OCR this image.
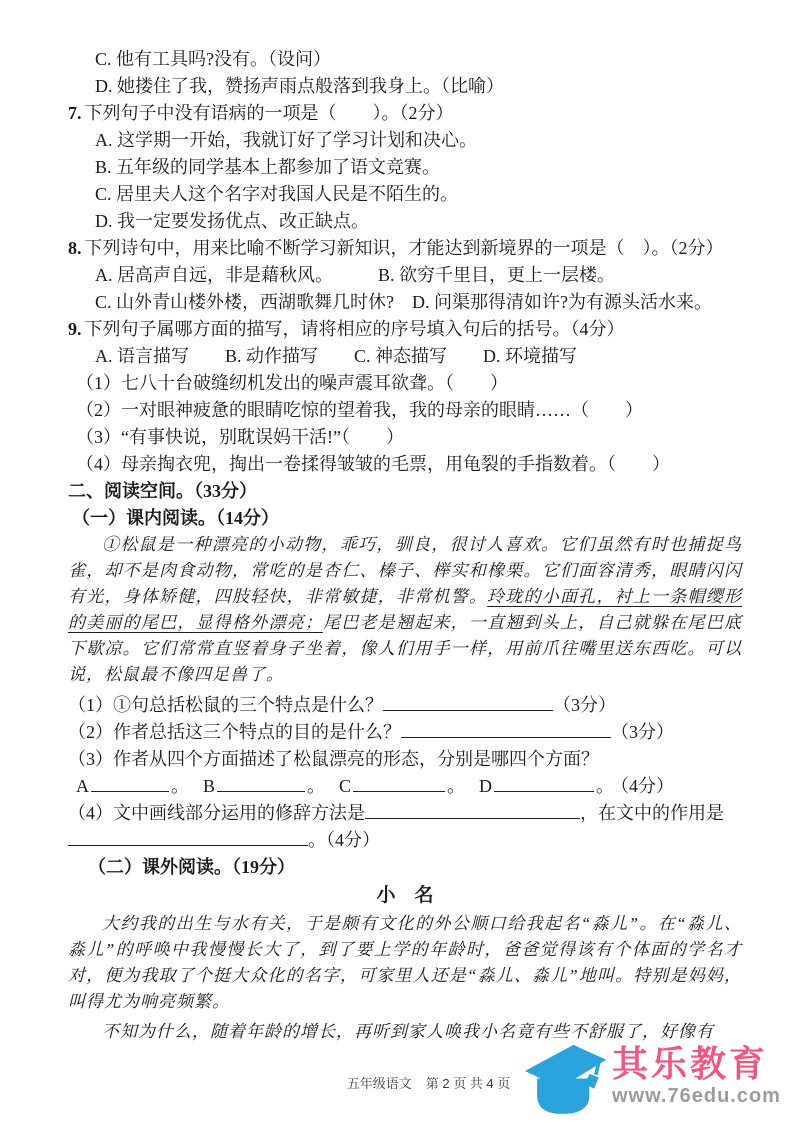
C. 他有工具吗?没有。（设问）
D. 她搂住了我，赞扬声雨点般落到我身上。（比喻）
7. 下列句子中没有语病的一项是（　　）。（2分）
A. 这学期一开始，我就订好了学习计划和决心。
B. 五年级的同学基本上都参加了语文竞赛。
C. 居里夫人这个名字对我国人民是不陌生的。
D. 我一定要发扬优点、改正缺点。
8. 下列诗句中，用来比喻不断学习新知识，才能达到新境界的一项是（　）。（2分）
A. 居高声自远，非是藉秋风。　　　B. 欲穷千里目，更上一层楼。
C. 山外青山楼外楼，西湖歌舞几时休?　D. 问渠那得清如许?为有源头活水来。
9. 下列句子属哪方面的描写，请将相应的序号填入句后的括号。（4分）
A. 语言描写　　B. 动作描写　　C. 神态描写　　D. 环境描写
（1）七八十台破缝纫机发出的噪声震耳欲聋。（　　）
（2）一对眼神疲惫的眼睛吃惊的望着我，我的母亲的眼睛……（　　）
（3）“有事快说，别耽误妈干活!”（　　）
（4）母亲掏衣兜，掏出一卷揉得皱皱的毛票，用龟裂的手指数着。（　　）
二、阅读空间。（33分）
（一）课内阅读。（14分）

①松鼠是一种漂亮的小动物，乖巧，驯良，很讨人喜欢。它们虽然有时也捕捉鸟雀，却不是肉食动物，常吃的是杏仁、榛子、榉实和橡栗。它们面容清秀，眼睛闪闪有光，身体矫健，四肢轻快，非常敏捷，非常机警。玲珑的小面孔，衬上一条帽缨形的美丽的尾巴，显得格外漂亮；尾巴老是翘起来，一直翘到头上，自己就躲在尾巴底下歇凉。它们常常直竖着身子坐着，像人们用手一样，用前爪往嘴里送东西吃。可以说，松鼠最不像四足兽了。

（1）①句总括松鼠的三个特点是什么？	（3分）
（2）作者总括这三个特点的目的是什么？	（3分）
（3）作者从四个方面描述了松鼠漂亮的形态，分别是哪四个方面？
A	。 B	。 C	。 D	。 （4分）

（4）文中画线部分运用的修辞方法是	，在文中的作用是。（4分）

（二）课外阅读。（19分）
小　名

大约我的出生与水有关，于是颇有文化的外公顺口给我起名“淼儿”。在“淼儿、淼儿”的呼唤中我慢慢长大了，到了要上学的年龄时，爸爸觉得该有个体面的学名才对，便为我取了个挺大众化的名字，可家里人还是“淼儿、淼儿”地叫。特别是妈妈，叫得尤为响亮频繁。

不知为什么，随着年龄的增长，再听到家人唤我小名竟有些不舒服了，好像有

五年级语文 第 2 页 共 4 页	其乐教育
www.76edu.com
